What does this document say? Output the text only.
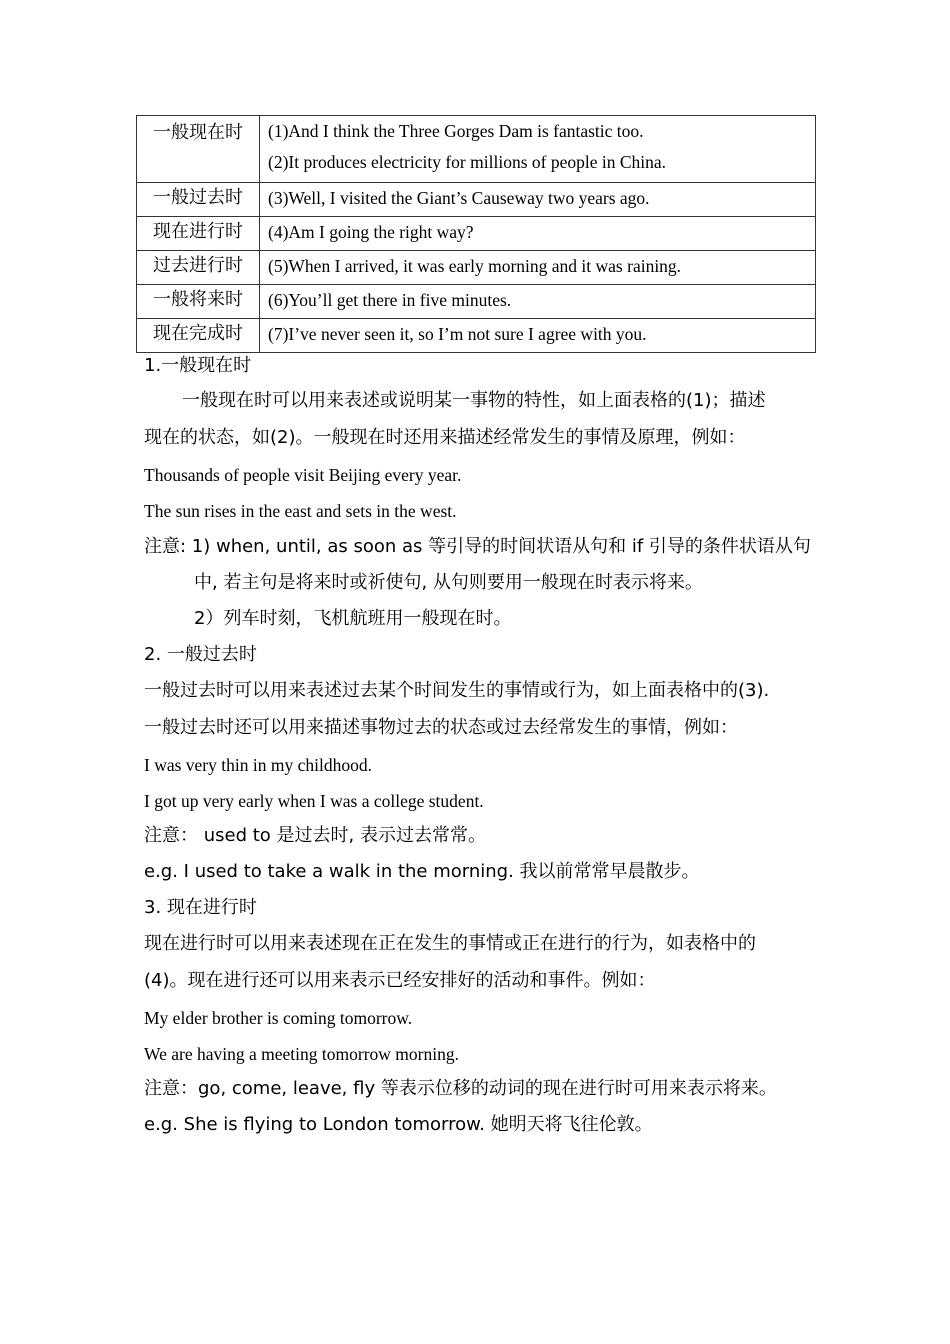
一般现在时	(1)And I think the Three Gorges Dam is fantastic too.
(2)It produces electricity for millions of people in China.

一般过去时	(3)Well, I visited the Giant’s Causeway two years ago.
现在进行时	(4)Am I going the right way?
过去进行时	(5)When I arrived, it was early morning and it was raining.
一般将来时	(6)You’ll get there in five minutes.
现在完成时	(7)I’ve never seen it, so I’m not sure I agree with you.
1.一般现在时
一般现在时可以用来表述或说明某一事物的特性，如上面表格的(1)；描述
现在的状态，如(2)。一般现在时还用来描述经常发生的事情及原理，例如：
Thousands of people visit Beijing every year.
The sun rises in the east and sets in the west.
注意: 1) when, until, as soon as 等引导的时间状语从句和 if 引导的条件状语从句
中, 若主句是将来时或祈使句, 从句则要用一般现在时表示将来。
2）列车时刻，飞机航班用一般现在时。
2. 一般过去时
一般过去时可以用来表述过去某个时间发生的事情或行为，如上面表格中的(3).
一般过去时还可以用来描述事物过去的状态或过去经常发生的事情，例如：
I was very thin in my childhood.
I got up very early when I was a college student.
注意： used to 是过去时, 表示过去常常。
e.g. I used to take a walk in the morning. 我以前常常早晨散步。
3. 现在进行时
现在进行时可以用来表述现在正在发生的事情或正在进行的行为，如表格中的
(4)。现在进行还可以用来表示已经安排好的活动和事件。例如：
My elder brother is coming tomorrow.
We are having a meeting tomorrow morning.
注意：go, come, leave, fly 等表示位移的动词的现在进行时可用来表示将来。
e.g. She is flying to London tomorrow. 她明天将飞往伦敦。
